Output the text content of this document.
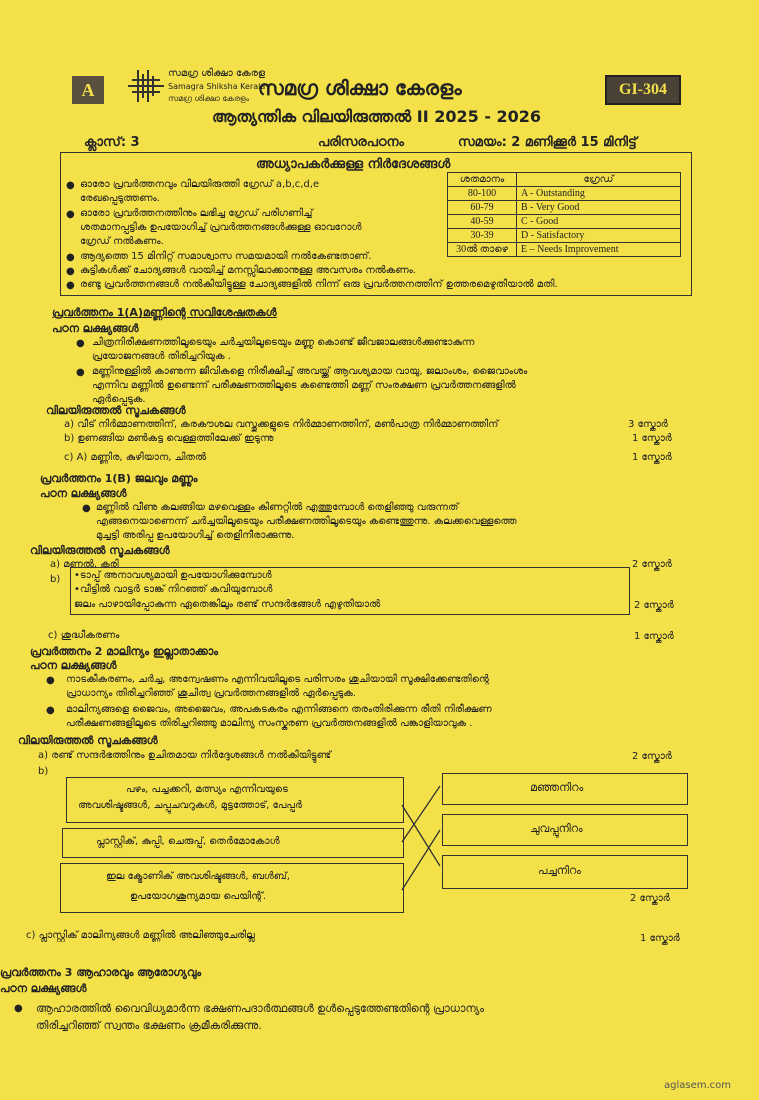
A
സമഗ്ര ശിക്ഷാ കേരള
Samagra Shiksha Kerala
സമഗ്ര ശിക്ഷാ കേരളം സമഗ്ര ശിക്ഷാ കേരളം	GI-304
ആത്യന്തിക വിലയിരുത്തൽ II 2025 - 2026
ക്ലാസ്: 3	പരിസരപഠനം	സമയം: 2 മണിക്കൂർ 15 മിനിട്ട്
അധ്യാപകർക്കുള്ള നിർദേശങ്ങൾ
● ഓരോ പ്രവർത്തനവും വിലയിരുത്തി ഗ്രേഡ് a,b,c,d,e
രേഖപ്പെടുത്തണം.
● ഓരോ പ്രവർത്തനത്തിനും ലഭിച്ച ഗ്രേഡ് പരിഗണിച്ച്
ശതമാനപ്പട്ടിക ഉപയോഗിച്ച് പ്രവർത്തനങ്ങൾക്കുള്ള ഓവറോൾ
ഗ്രേഡ് നൽകണം.
● ആദ്യത്തെ 15 മിനിറ്റ് സമാശ്വാസ സമയമായി നൽകേണ്ടതാണ്.
● കുട്ടികൾക്ക് ചോദ്യങ്ങൾ വായിച്ച് മനസ്സിലാക്കാനുള്ള അവസരം നൽകണം.
● രണ്ടു പ്രവർത്തനങ്ങൾ നൽകിയിട്ടുള്ള ചോദ്യങ്ങളിൽ നിന്ന് ഒരു പ്രവർത്തനത്തിന് ഉത്തരമെഴുതിയാൽ മതി.
ശതമാനം	ഗ്രേഡ്
80-100	A - Outstanding
60-79	B - Very Good
40-59	C - Good
30-39	D - Satisfactory
30ൽ താഴെ	E – Needs Improvement
പ്രവർത്തനം 1(A)മണ്ണിന്റെ സവിശേഷതകൾ
പഠന ലക്ഷ്യങ്ങൾ
● ചിത്രനിരീക്ഷണത്തിലൂടെയും ചർച്ചയിലൂടെയും മണ്ണു കൊണ്ട് ജീവജാലങ്ങൾക്കുണ്ടാകുന്ന
പ്രയോജനങ്ങൾ തിരിച്ചറിയുക .
● മണ്ണിനുള്ളിൽ കാണുന്ന ജീവികളെ നിരീക്ഷിച്ച് അവയ്ക്ക് ആവശ്യമായ വായു, ജലാംശം, ജൈവാംശം
എന്നിവ മണ്ണിൽ ഉണ്ടെന്ന് പരീക്ഷണത്തിലൂടെ കണ്ടെത്തി മണ്ണ് സംരക്ഷണ പ്രവർത്തനങ്ങളിൽ
ഏർപ്പെടുക.
വിലയിരുത്തൽ സൂചകങ്ങൾ
a) വീട് നിർമ്മാണത്തിന്, കരകൗശല വസ്തുക്കളുടെ നിർമ്മാണത്തിന്, മൺപാത്ര നിർമ്മാണത്തിന്	3 സ്കോർ
b) ഉണങ്ങിയ മൺകട്ട വെള്ളത്തിലേക്ക് ഇടുന്നു	1 സ്കോർ
c) A) മണ്ണിര, കുഴിയാന, ചിതൽ	1 സ്കോർ
പ്രവർത്തനം 1(B) ജലവും മണ്ണും
പഠന ലക്ഷ്യങ്ങൾ
● മണ്ണിൽ വീണു കലങ്ങിയ മഴവെള്ളം കിണറ്റിൽ എത്തുമ്പോൾ തെളിഞ്ഞു വരുന്നത്
എങ്ങനെയാണെന്ന് ചർച്ചയിലൂടെയും പരീക്ഷണത്തിലൂടെയും കണ്ടെത്തുന്നു. കലക്കവെള്ളത്തെ
മുച്ചട്ടി അരിപ്പ ഉപയോഗിച്ച് തെളിനീരാക്കുന്നു.
വിലയിരുത്തൽ സൂചകങ്ങൾ
a) മണൽ, കരി	2 സ്കോർ
b) •ടാപ്പ് അനാവശ്യമായി ഉപയോഗിക്കുമ്പോൾ
•വീട്ടിൽ വാട്ടർ ടാങ്ക് നിറഞ്ഞ് കവിയുമ്പോൾ
ജലം പാഴായിപ്പോകുന്ന ഏതെങ്കിലും രണ്ട് സന്ദർഭങ്ങൾ എഴുതിയാൽ	2 സ്കോർ
c) ശുദ്ധീകരണം	1 സ്കോർ
പ്രവർത്തനം 2 മാലിന്യം ഇല്ലാതാക്കാം
പഠന ലക്ഷ്യങ്ങൾ
● നാടകീകരണം, ചർച്ച, അന്വേഷണം എന്നിവയിലൂടെ പരിസരം ശുചിയായി സൂക്ഷിക്കേണ്ടതിന്റെ
പ്രാധാന്യം തിരിച്ചറിഞ്ഞ് ശുചിത്വ പ്രവർത്തനങ്ങളിൽ ഏർപ്പെടുക.
● മാലിന്യങ്ങളെ ജൈവം, അജൈവം, അപകടകരം എന്നിങ്ങനെ തരംതിരിക്കുന്ന രീതി നിരീക്ഷണ
പരീക്ഷണങ്ങളിലൂടെ തിരിച്ചറിഞ്ഞു മാലിന്യ സംസ്കരണ പ്രവർത്തനങ്ങളിൽ പങ്കാളിയാവുക .
വിലയിരുത്തൽ സൂചകങ്ങൾ
a) രണ്ട് സന്ദർഭത്തിനും ഉചിതമായ നിർദ്ദേശങ്ങൾ നൽകിയിട്ടുണ്ട്	2 സ്കോർ
b)
പഴം, പച്ചക്കറി, മത്സ്യം എന്നിവയുടെ
അവശിഷ്ടങ്ങൾ, ചപ്പുചവറുകൾ, മുട്ടത്തോട്, പേപ്പർ
പ്ലാസ്റ്റിക്, കുപ്പി, ചെരുപ്പ്, തെർമോകോൾ
ഇല ക്ട്രോണിക് അവശിഷ്ടങ്ങൾ, ബൾബ്,
ഉപയോഗശൂന്യമായ പെയിന്റ്.
മഞ്ഞനിറം
ചുവപ്പുനിറം
പച്ചനിറം
2 സ്കോർ
c) പ്ലാസ്റ്റിക് മാലിന്യങ്ങൾ മണ്ണിൽ അലിഞ്ഞുചേരില്ല	1 സ്കോർ
പ്രവർത്തനം 3 ആഹാരവും ആരോഗ്യവും
പഠന ലക്ഷ്യങ്ങൾ
● ആഹാരത്തിൽ വൈവിധ്യമാർന്ന ഭക്ഷണപദാർത്ഥങ്ങൾ ഉൾപ്പെടുത്തേണ്ടതിന്റെ പ്രാധാന്യം
തിരിച്ചറിഞ്ഞ് സ്വന്തം ഭക്ഷണം ക്രമീകരിക്കുന്നു.
aglasem.com
